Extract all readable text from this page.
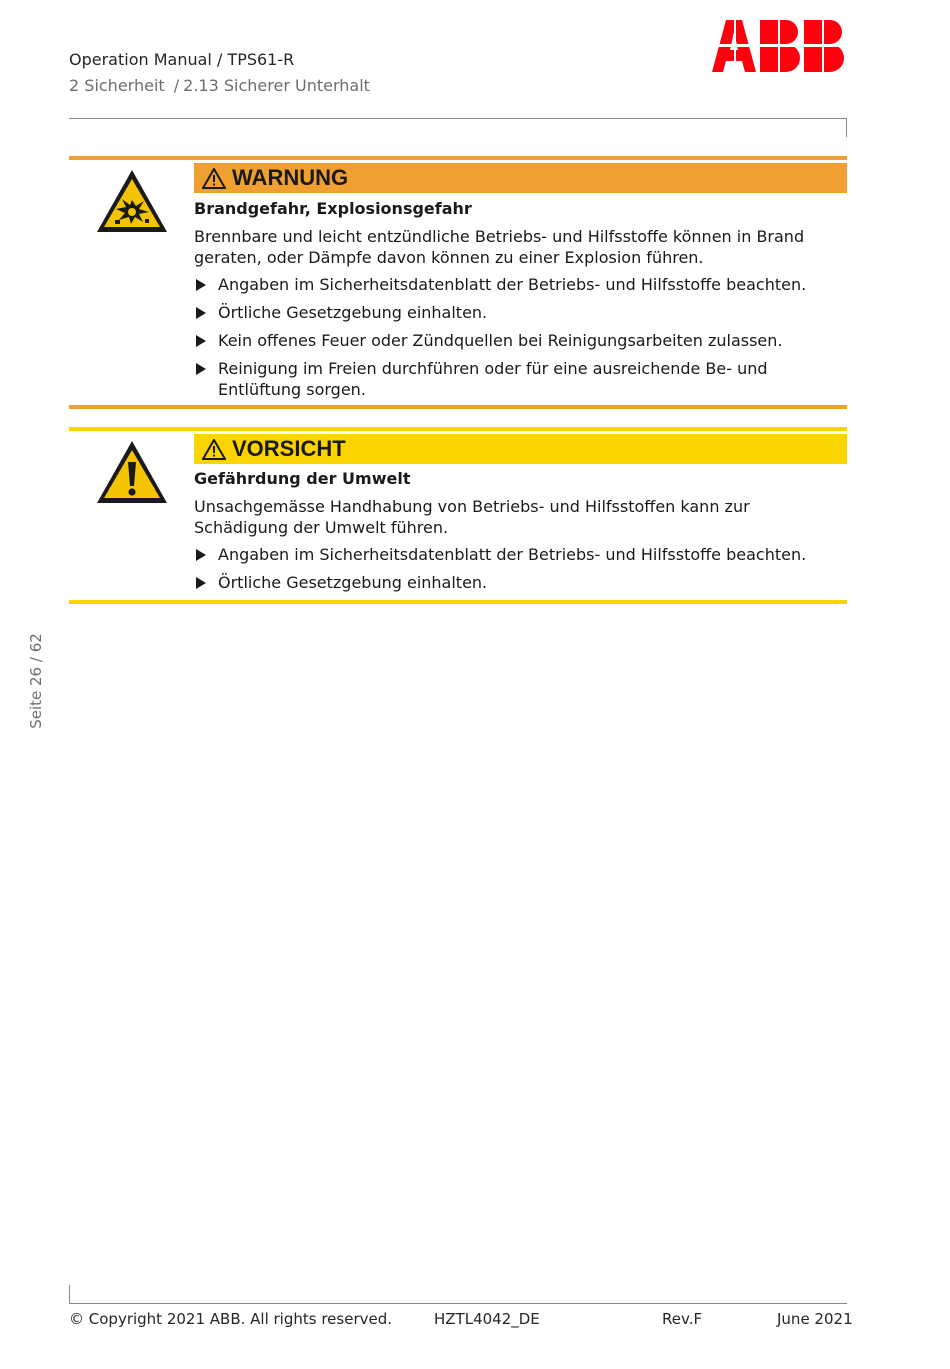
Operation Manual / TPS61-R
2 Sicherheit / 2.13 Sicherer Unterhalt
WARNUNG
Brandgefahr, Explosionsgefahr
Brennbare und leicht entzündliche Betriebs- und Hilfsstoffe können in Brand geraten, oder Dämpfe davon können zu einer Explosion führen.
Angaben im Sicherheitsdatenblatt der Betriebs- und Hilfsstoffe beachten.
Örtliche Gesetzgebung einhalten.
Kein offenes Feuer oder Zündquellen bei Reinigungsarbeiten zulassen.
Reinigung im Freien durchführen oder für eine ausreichende Be- und Entlüftung sorgen.
VORSICHT
Gefährdung der Umwelt
Unsachgemässe Handhabung von Betriebs- und Hilfsstoffen kann zur Schädigung der Umwelt führen.
Angaben im Sicherheitsdatenblatt der Betriebs- und Hilfsstoffe beachten.
Örtliche Gesetzgebung einhalten.
Seite 26 / 62
© Copyright 2021 ABB. All rights reserved.	HZTL4042_DE	Rev.F	June 2021
